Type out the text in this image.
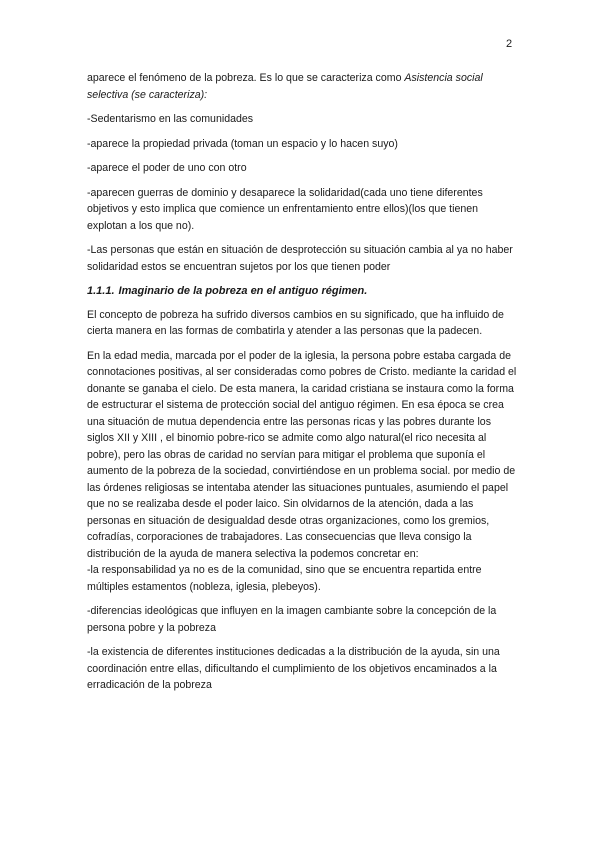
2

aparece el fenómeno de la pobreza. Es lo que se caracteriza como Asistencia social selectiva (se caracteriza):

-Sedentarismo en las comunidades

-aparece la propiedad privada (toman un espacio y lo hacen suyo)

-aparece el poder de uno con otro

-aparecen guerras de dominio y desaparece la solidaridad(cada uno tiene diferentes objetivos y esto implica que comience un enfrentamiento entre ellos)(los que tienen explotan a los que no).

-Las personas que están en situación de desprotección su situación cambia al ya no haber solidaridad estos se encuentran sujetos por los que tienen poder

1.1.1. Imaginario de la pobreza en el antiguo régimen.

El concepto de pobreza ha sufrido diversos cambios en su significado, que ha influido de cierta manera en las formas de combatirla y atender a las personas que la padecen.

En la edad media, marcada por el poder de la iglesia, la persona pobre estaba cargada de connotaciones positivas, al ser consideradas como pobres de Cristo. mediante la caridad el donante se ganaba el cielo. De esta manera, la caridad cristiana se instaura como la forma de estructurar el sistema de protección social del antiguo régimen. En esa época se crea una situación de mutua dependencia entre las personas ricas y las pobres durante los siglos XII y XIII , el binomio pobre-rico se admite como algo natural(el rico necesita al pobre), pero las obras de caridad no servían para mitigar el problema que suponía el aumento de la pobreza de la sociedad, convirtiéndose en un problema social. por medio de las órdenes religiosas se intentaba atender las situaciones puntuales, asumiendo el papel que no se realizaba desde el poder laico. Sin olvidarnos de la atención, dada a las personas en situación de desigualdad desde otras organizaciones, como los gremios, cofradías, corporaciones de trabajadores. Las consecuencias que lleva consigo la distribución de la ayuda de manera selectiva la podemos concretar en:

-la responsabilidad ya no es de la comunidad, sino que se encuentra repartida entre múltiples estamentos (nobleza, iglesia, plebeyos).

-diferencias ideológicas que influyen en la imagen cambiante sobre la concepción de la persona pobre y la pobreza

-la existencia de diferentes instituciones dedicadas a la distribución de la ayuda, sin una coordinación entre ellas, dificultando el cumplimiento de los objetivos encaminados a la erradicación de la pobreza
